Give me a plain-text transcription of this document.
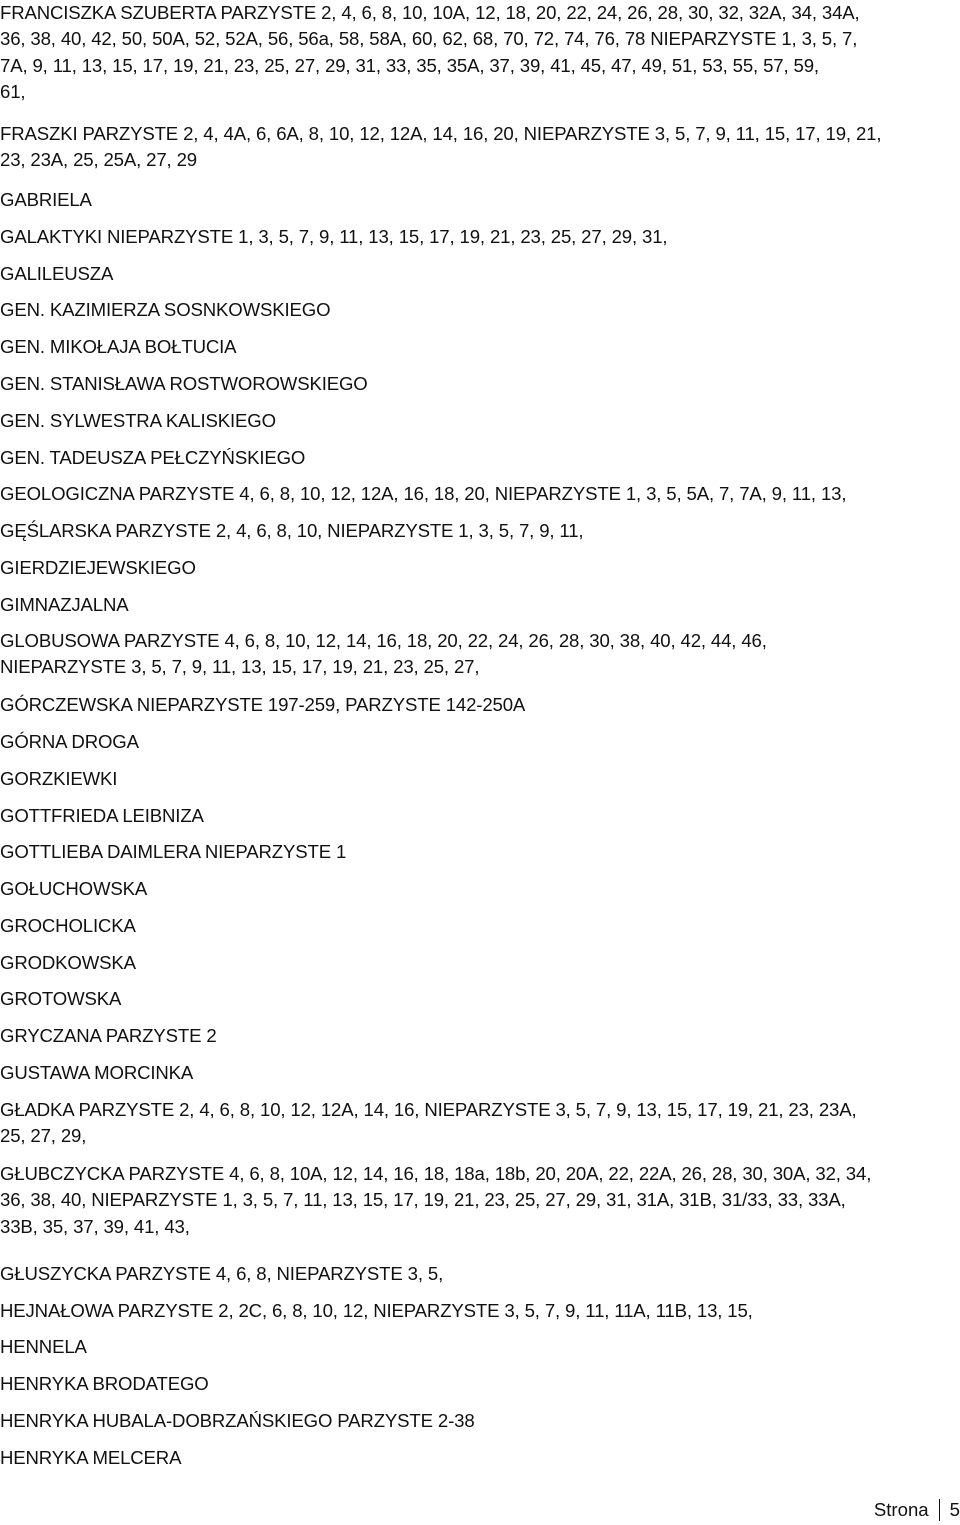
FRANCISZKA SZUBERTA PARZYSTE 2, 4, 6, 8, 10, 10A, 12, 18, 20, 22, 24, 26, 28, 30, 32, 32A, 34, 34A,
36, 38, 40, 42, 50, 50A, 52, 52A, 56, 56a, 58, 58A, 60, 62, 68, 70, 72, 74, 76, 78 NIEPARZYSTE 1, 3, 5, 7,
7A, 9, 11, 13, 15, 17, 19, 21, 23, 25, 27, 29, 31, 33, 35, 35A, 37, 39, 41, 45, 47, 49, 51, 53, 55, 57, 59,
61,
FRASZKI PARZYSTE 2, 4, 4A, 6, 6A, 8, 10, 12, 12A, 14, 16, 20, NIEPARZYSTE 3, 5, 7, 9, 11, 15, 17, 19, 21,
23, 23A, 25, 25A, 27, 29
GABRIELA
GALAKTYKI NIEPARZYSTE 1, 3, 5, 7, 9, 11, 13, 15, 17, 19, 21, 23, 25, 27, 29, 31,
GALILEUSZA
GEN. KAZIMIERZA SOSNKOWSKIEGO
GEN. MIKOŁAJA BOŁTUCIA
GEN. STANISŁAWA ROSTWOROWSKIEGO
GEN. SYLWESTRA KALISKIEGO
GEN. TADEUSZA PEŁCZYŃSKIEGO
GEOLOGICZNA PARZYSTE 4, 6, 8, 10, 12, 12A, 16, 18, 20, NIEPARZYSTE 1, 3, 5, 5A, 7, 7A, 9, 11, 13,
GĘŚLARSKA PARZYSTE 2, 4, 6, 8, 10, NIEPARZYSTE 1, 3, 5, 7, 9, 11,
GIERDZIEJEWSKIEGO
GIMNAZJALNA
GLOBUSOWA PARZYSTE 4, 6, 8, 10, 12, 14, 16, 18, 20, 22, 24, 26, 28, 30, 38, 40, 42, 44, 46,
NIEPARZYSTE 3, 5, 7, 9, 11, 13, 15, 17, 19, 21, 23, 25, 27,
GÓRCZEWSKA NIEPARZYSTE 197-259, PARZYSTE 142-250A
GÓRNA DROGA
GORZKIEWKI
GOTTFRIEDA LEIBNIZA
GOTTLIEBA DAIMLERA NIEPARZYSTE 1
GOŁUCHOWSKA
GROCHOLICKA
GRODKOWSKA
GROTOWSKA
GRYCZANA PARZYSTE 2
GUSTAWA MORCINKA
GŁADKA PARZYSTE 2, 4, 6, 8, 10, 12, 12A, 14, 16, NIEPARZYSTE 3, 5, 7, 9, 13, 15, 17, 19, 21, 23, 23A,
25, 27, 29,
GŁUBCZYCKA PARZYSTE 4, 6, 8, 10A, 12, 14, 16, 18, 18a, 18b, 20, 20A, 22, 22A, 26, 28, 30, 30A, 32, 34,
36, 38, 40, NIEPARZYSTE 1, 3, 5, 7, 11, 13, 15, 17, 19, 21, 23, 25, 27, 29, 31, 31A, 31B, 31/33, 33, 33A,
33B, 35, 37, 39, 41, 43,
GŁUSZYCKA PARZYSTE 4, 6, 8, NIEPARZYSTE 3, 5,
HEJNAŁOWA PARZYSTE 2, 2C, 6, 8, 10, 12, NIEPARZYSTE 3, 5, 7, 9, 11, 11A, 11B, 13, 15,
HENNELA
HENRYKA BRODATEGO
HENRYKA HUBALA-DOBRZAŃSKIEGO PARZYSTE 2-38
HENRYKA MELCERA
Strona 5
